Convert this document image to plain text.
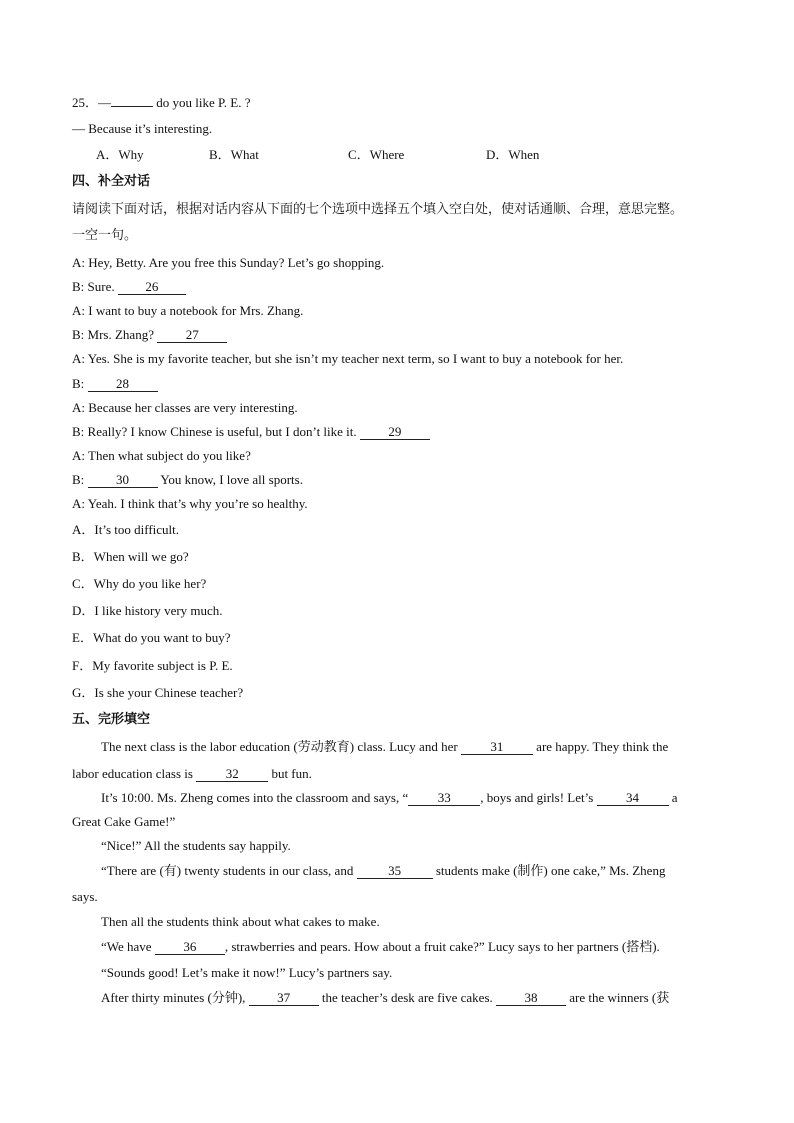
25．—	do you like P. E. ?
— Because it’s interesting.
A．Why	B．What	C．Where	D．When
四、补全对话
请阅读下面对话，根据对话内容从下面的七个选项中选择五个填入空白处，使对话通顺、合理，意思完整。
一空一句。
A: Hey, Betty. Are you free this Sunday? Let’s go shopping.
B: Sure. 26
A: I want to buy a notebook for Mrs. Zhang.
B: Mrs. Zhang? 27
A: Yes. She is my favorite teacher, but she isn’t my teacher next term, so I want to buy a notebook for her.
B: 28
A: Because her classes are very interesting.
B: Really? I know Chinese is useful, but I don’t like it. 29
A: Then what subject do you like?
B: 30 You know, I love all sports.
A: Yeah. I think that’s why you’re so healthy.
A．It’s too difficult.
B．When will we go?
C．Why do you like her?
D．I like history very much.
E．What do you want to buy?
F．My favorite subject is P. E.
G．Is she your Chinese teacher?
五、完形填空
The next class is the labor education (劳动教育) class. Lucy and her 31 are happy. They think the
labor education class is 32 but fun.
It’s 10:00. Ms. Zheng comes into the classroom and says, “ 33 , boys and girls! Let’s 34 a
Great Cake Game!”
“Nice!” All the students say happily.
“There are (有) twenty students in our class, and 35 students make (制作) one cake,” Ms. Zheng
says.
Then all the students think about what cakes to make.
“We have 36 , strawberries and pears. How about a fruit cake?” Lucy says to her partners (搭档).
“Sounds good! Let’s make it now!” Lucy’s partners say.
After thirty minutes (分钟), 37 the teacher’s desk are five cakes. 38 are the winners (获
